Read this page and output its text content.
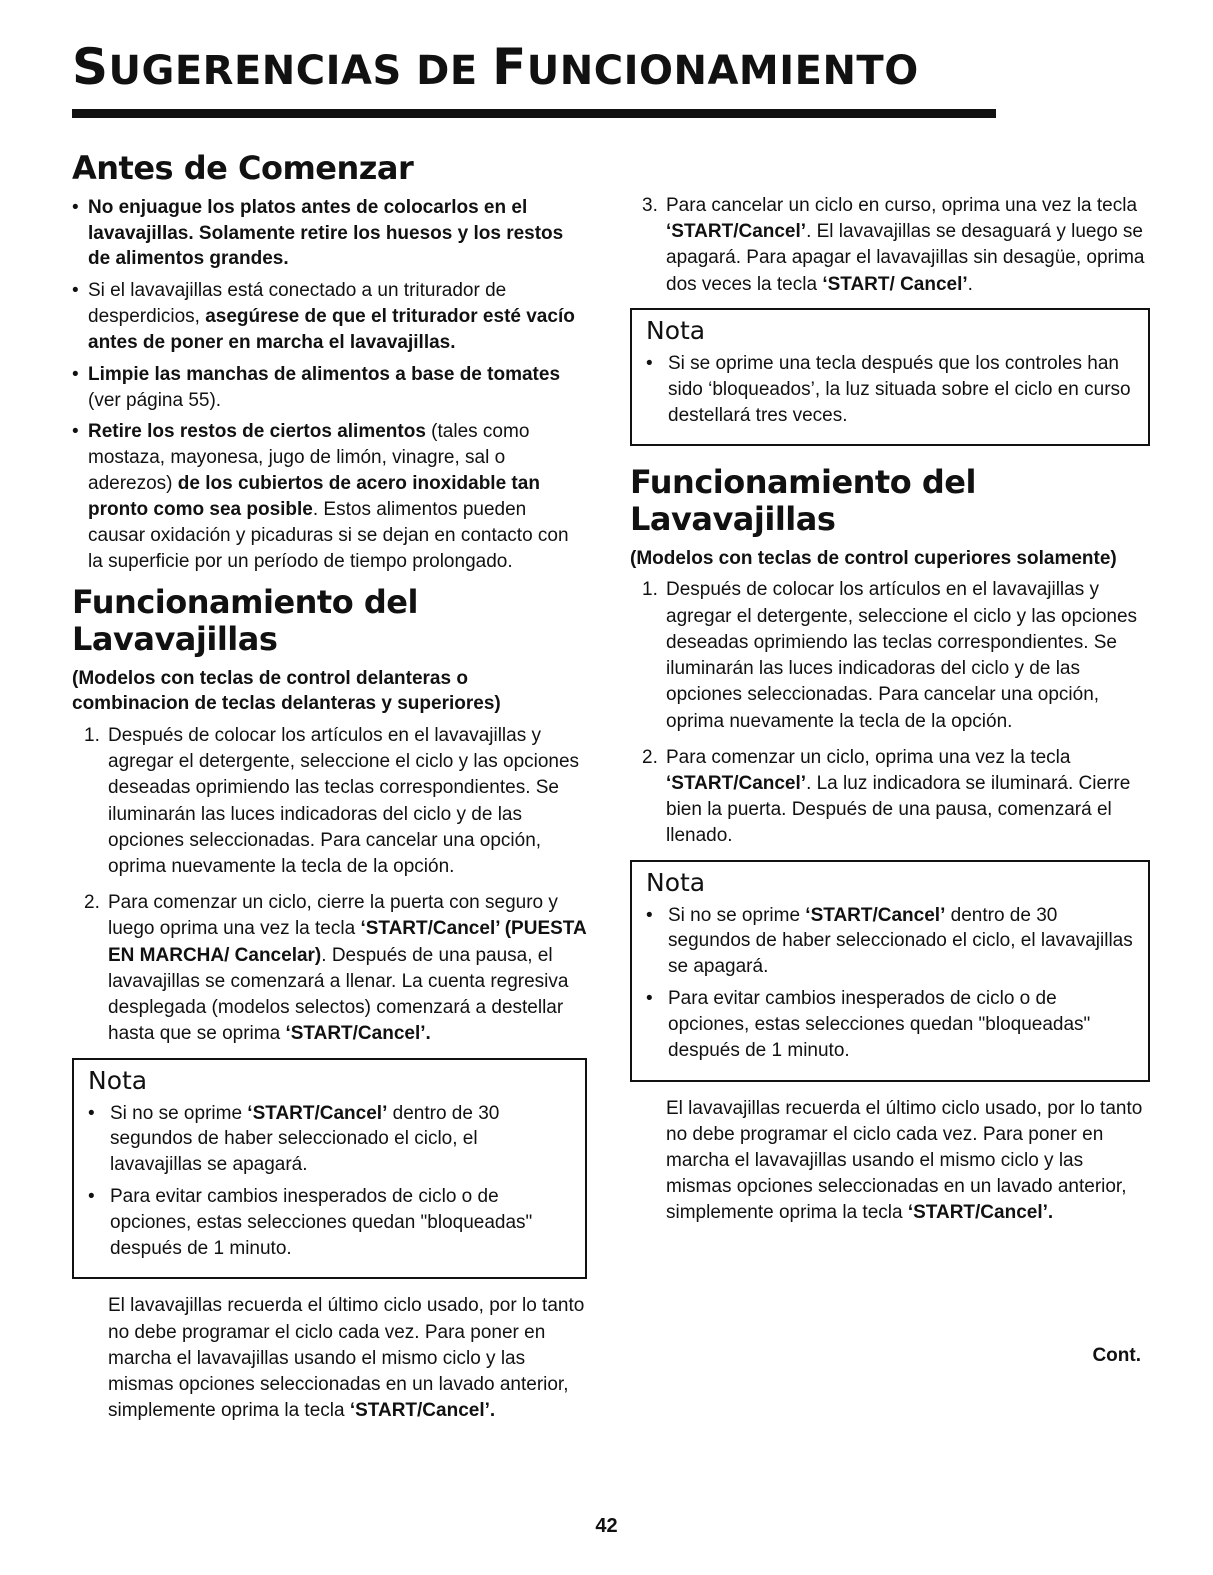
SUGERENCIAS DE FUNCIONAMIENTO
Antes de Comenzar
• No enjuague los platos antes de colocarlos en el lavavajillas. Solamente retire los huesos y los restos de alimentos grandes.
• Si el lavavajillas está conectado a un triturador de desperdicios, asegúrese de que el triturador esté vacío antes de poner en marcha el lavavajillas.
• Limpie las manchas de alimentos a base de tomates (ver página 55).
• Retire los restos de ciertos alimentos (tales como mostaza, mayonesa, jugo de limón, vinagre, sal o aderezos) de los cubiertos de acero inoxidable tan pronto como sea posible. Estos alimentos pueden causar oxidación y picaduras si se dejan en contacto con la superficie por un período de tiempo prolongado.
Funcionamiento del Lavavajillas
(Modelos con teclas de control delanteras o combinacion de teclas delanteras y superiores)
1. Después de colocar los artículos en el lavavajillas y agregar el detergente, seleccione el ciclo y las opciones deseadas oprimiendo las teclas correspondientes. Se iluminarán las luces indicadoras del ciclo y de las opciones seleccionadas. Para cancelar una opción, oprima nuevamente la tecla de la opción.
2. Para comenzar un ciclo, cierre la puerta con seguro y luego oprima una vez la tecla ‘START/Cancel’ (PUESTA EN MARCHA/ Cancelar). Después de una pausa, el lavavajillas se comenzará a llenar. La cuenta regresiva desplegada (modelos selectos) comenzará a destellar hasta que se oprima ‘START/Cancel’.
Nota
• Si no se oprime ‘START/Cancel’ dentro de 30 segundos de haber seleccionado el ciclo, el lavavajillas se apagará.
• Para evitar cambios inesperados de ciclo o de opciones, estas selecciones quedan "bloqueadas" después de 1 minuto.

El lavavajillas recuerda el último ciclo usado, por lo tanto no debe programar el ciclo cada vez. Para poner en marcha el lavavajillas usando el mismo ciclo y las mismas opciones seleccionadas en un lavado anterior, simplemente oprima la tecla ‘START/Cancel’.

3. Para cancelar un ciclo en curso, oprima una vez la tecla ‘START/Cancel’. El lavavajillas se desaguará y luego se apagará. Para apagar el lavavajillas sin desagüe, oprima dos veces la tecla ‘START/ Cancel’.
Nota
• Si se oprime una tecla después que los controles han sido ‘bloqueados’, la luz situada sobre el ciclo en curso destellará tres veces.
Funcionamiento del Lavavajillas
(Modelos con teclas de control cuperiores solamente)
1. Después de colocar los artículos en el lavavajillas y agregar el detergente, seleccione el ciclo y las opciones deseadas oprimiendo las teclas correspondientes. Se iluminarán las luces indicadoras del ciclo y de las opciones seleccionadas. Para cancelar una opción, oprima nuevamente la tecla de la opción.
2. Para comenzar un ciclo, oprima una vez la tecla ‘START/Cancel’. La luz indicadora se iluminará. Cierre bien la puerta. Después de una pausa, comenzará el llenado.
Nota
• Si no se oprime ‘START/Cancel’ dentro de 30 segundos de haber seleccionado el ciclo, el lavavajillas se apagará.
• Para evitar cambios inesperados de ciclo o de opciones, estas selecciones quedan "bloqueadas" después de 1 minuto.

El lavavajillas recuerda el último ciclo usado, por lo tanto no debe programar el ciclo cada vez. Para poner en marcha el lavavajillas usando el mismo ciclo y las mismas opciones seleccionadas en un lavado anterior, simplemente oprima la tecla ‘START/Cancel’.

Cont.
42
